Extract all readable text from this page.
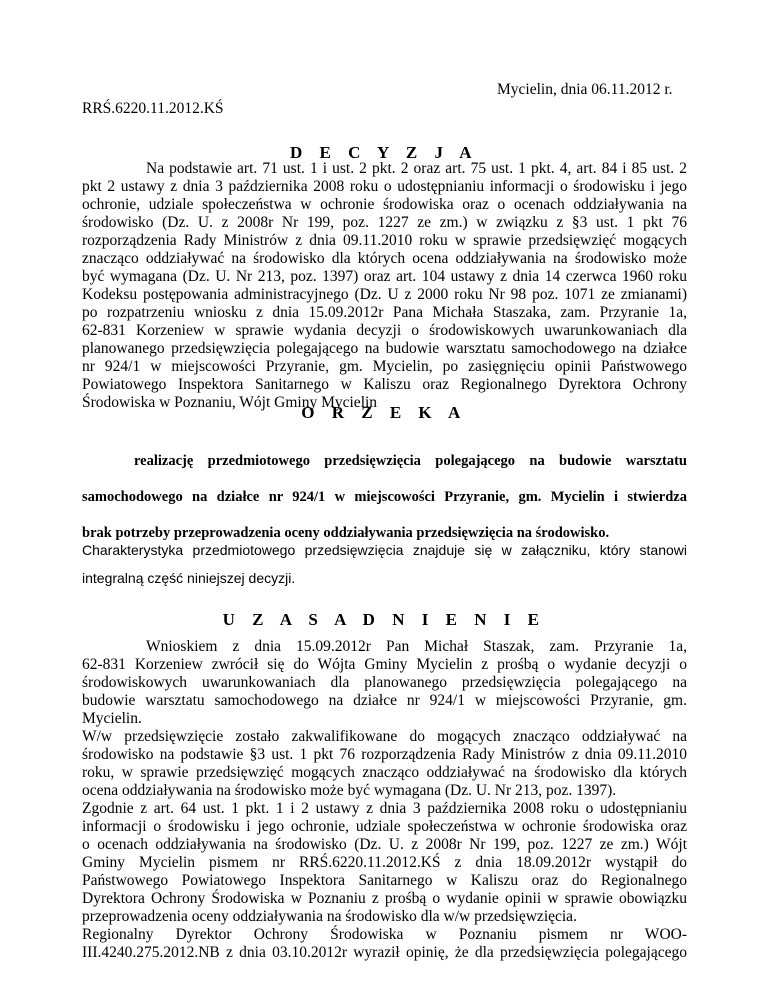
Mycielin, dnia 06.11.2012 r.
RRŚ.6220.11.2012.KŚ
D E C Y Z J A
Na podstawie art. 71 ust. 1 i ust. 2 pkt. 2 oraz art. 75 ust. 1 pkt. 4, art. 84 i 85 ust. 2
pkt 2 ustawy z dnia 3 października 2008 roku o udostępnianiu informacji o środowisku i jego
ochronie, udziale społeczeństwa w ochronie środowiska oraz o ocenach oddziaływania na
środowisko (Dz. U. z 2008r Nr 199, poz. 1227 ze zm.) w związku z §3 ust. 1 pkt 76
rozporządzenia Rady Ministrów z dnia 09.11.2010 roku w sprawie przedsięwzięć mogących
znacząco oddziaływać na środowisko dla których ocena oddziaływania na środowisko może
być wymagana (Dz. U. Nr 213, poz. 1397) oraz art. 104 ustawy z dnia 14 czerwca 1960 roku
Kodeksu postępowania administracyjnego (Dz. U z 2000 roku Nr 98 poz. 1071 ze zmianami)
po rozpatrzeniu wniosku z dnia 15.09.2012r Pana Michała Staszaka, zam. Przyranie 1a,
62-831 Korzeniew w sprawie wydania decyzji o środowiskowych uwarunkowaniach dla
planowanego przedsięwzięcia polegającego na budowie warsztatu samochodowego na działce
nr 924/1 w miejscowości Przyranie, gm. Mycielin, po zasięgnięciu opinii Państwowego
Powiatowego Inspektora Sanitarnego w Kaliszu oraz Regionalnego Dyrektora Ochrony
Środowiska w Poznaniu, Wójt Gminy Mycielin
O R Z E K A
realizację przedmiotowego przedsięwzięcia polegającego na budowie warsztatu
samochodowego na działce nr 924/1 w miejscowości Przyranie, gm. Mycielin i stwierdza
brak potrzeby przeprowadzenia oceny oddziaływania przedsięwzięcia na środowisko.
Charakterystyka przedmiotowego przedsięwzięcia znajduje się w załączniku, który stanowi
integralną część niniejszej decyzji.
U Z A S A D N I E N I E
Wnioskiem z dnia 15.09.2012r Pan Michał Staszak, zam. Przyranie 1a,
62-831 Korzeniew zwrócił się do Wójta Gminy Mycielin z prośbą o wydanie decyzji o
środowiskowych uwarunkowaniach dla planowanego przedsięwzięcia polegającego na
budowie warsztatu samochodowego na działce nr 924/1 w miejscowości Przyranie, gm.
Mycielin.
W/w przedsięwzięcie zostało zakwalifikowane do mogących znacząco oddziaływać na
środowisko na podstawie §3 ust. 1 pkt 76 rozporządzenia Rady Ministrów z dnia 09.11.2010
roku, w sprawie przedsięwzięć mogących znacząco oddziaływać na środowisko dla których
ocena oddziaływania na środowisko może być wymagana (Dz. U. Nr 213, poz. 1397).
Zgodnie z art. 64 ust. 1 pkt. 1 i 2 ustawy z dnia 3 października 2008 roku o udostępnianiu
informacji o środowisku i jego ochronie, udziale społeczeństwa w ochronie środowiska oraz
o ocenach oddziaływania na środowisko (Dz. U. z 2008r Nr 199, poz. 1227 ze zm.) Wójt
Gminy Mycielin pismem nr RRŚ.6220.11.2012.KŚ z dnia 18.09.2012r wystąpił do
Państwowego Powiatowego Inspektora Sanitarnego w Kaliszu oraz do Regionalnego
Dyrektora Ochrony Środowiska w Poznaniu z prośbą o wydanie opinii w sprawie obowiązku
przeprowadzenia oceny oddziaływania na środowisko dla w/w przedsięwzięcia.
Regionalny Dyrektor Ochrony Środowiska w Poznaniu pismem nr WOO-
III.4240.275.2012.NB z dnia 03.10.2012r wyraził opinię, że dla przedsięwzięcia polegającego
